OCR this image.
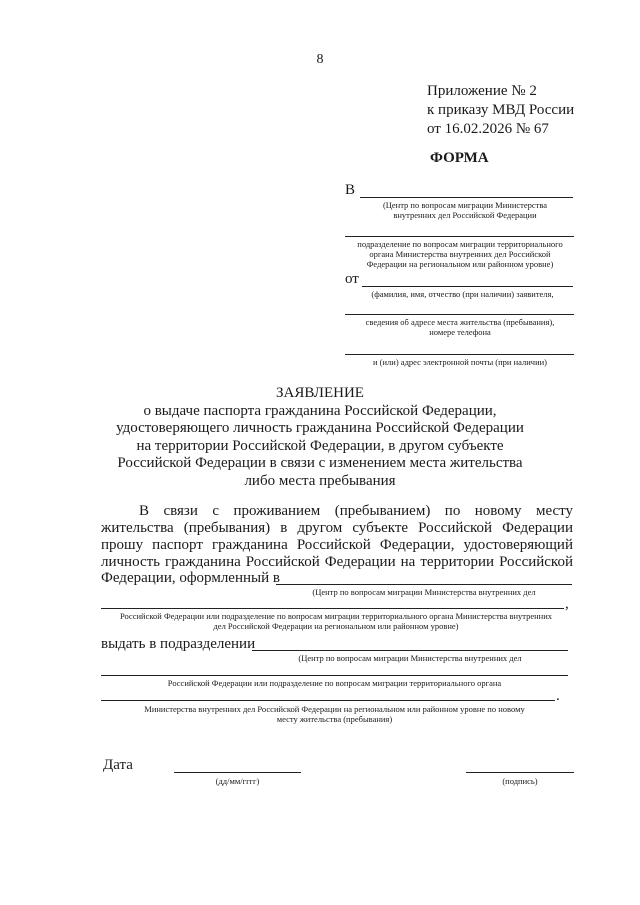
8
Приложение № 2
к приказу МВД России
от 16.02.2026 № 67
ФОРМА
В
(Центр по вопросам миграции Министерства
внутренних дел Российской Федерации
подразделение по вопросам миграции территориального
органа Министерства внутренних дел Российской
Федерации на региональном или районном уровне)
от
(фамилия, имя, отчество (при наличии) заявителя,
сведения об адресе места жительства (пребывания),
номере телефона
и (или) адрес электронной почты (при наличии)
ЗАЯВЛЕНИЕ
о выдаче паспорта гражданина Российской Федерации,
удостоверяющего личность гражданина Российской Федерации
на территории Российской Федерации, в другом субъекте
Российской Федерации в связи с изменением места жительства
либо места пребывания
В связи с проживанием (пребыванием) по новому месту
жительства (пребывания) в другом субъекте Российской Федерации
прошу паспорт гражданина Российской Федерации, удостоверяющий
личность гражданина Российской Федерации на территории Российской
Федерации, оформленный в
(Центр по вопросам миграции Министерства внутренних дел
,
Российской Федерации или подразделение по вопросам миграции территориального органа Министерства внутренних
дел Российской Федерации на региональном или районном уровне)
выдать в подразделении
(Центр по вопросам миграции Министерства внутренних дел
Российской Федерации или подразделение по вопросам миграции территориального органа
.
Министерства внутренних дел Российской Федерации на региональном или районном уровне по новому
месту жительства (пребывания)
Дата
(дд/мм/гггг)	(подпись)
